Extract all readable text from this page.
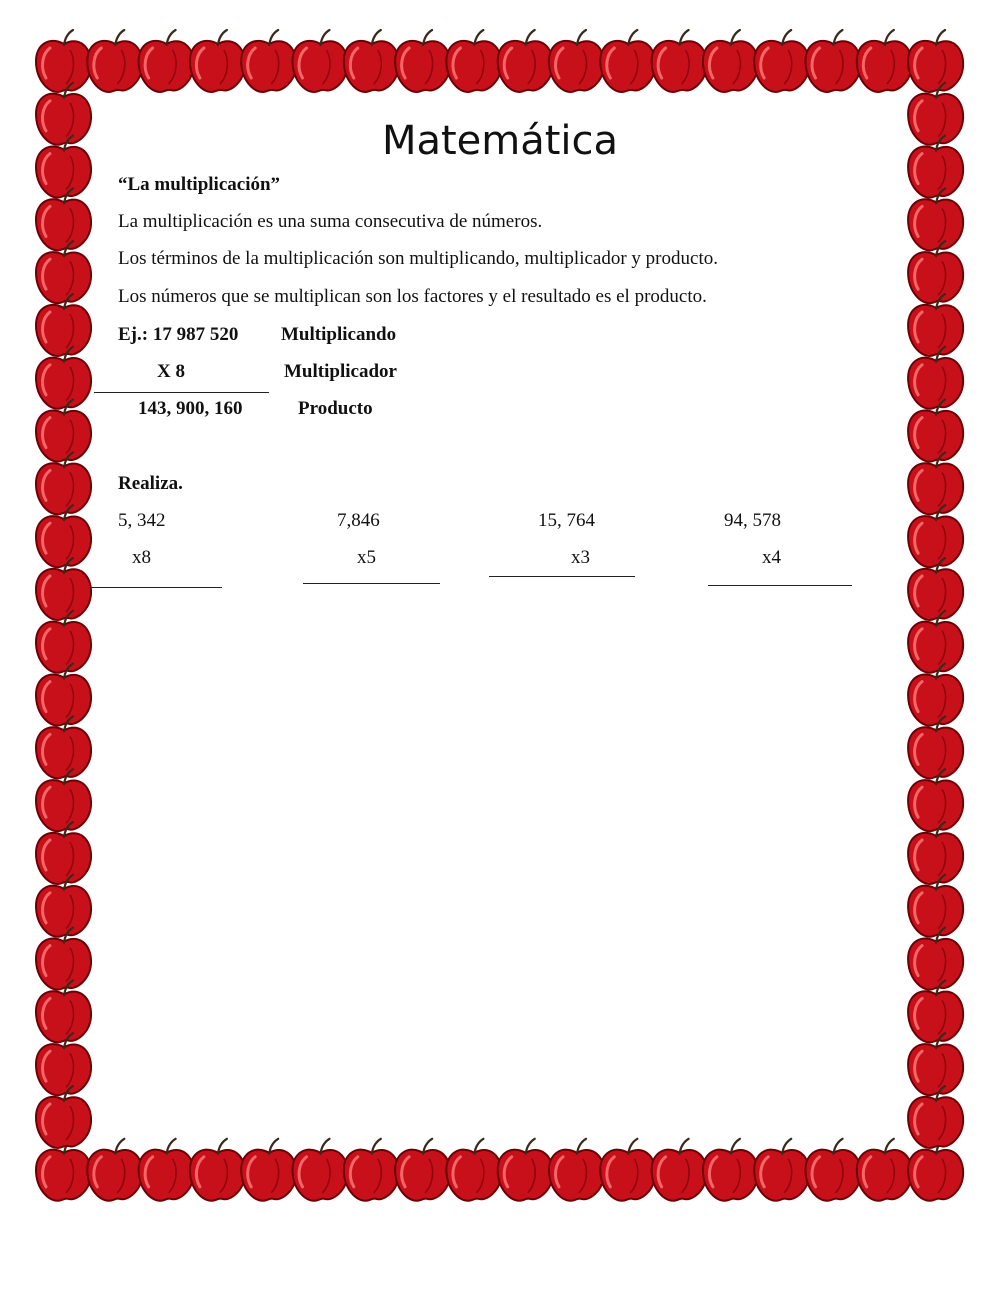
Matemática
“La multiplicación”
La multiplicación es una suma consecutiva de números.
Los términos de la multiplicación son multiplicando, multiplicador y producto.
Los números que se multiplican son los factores y el resultado es el producto.
Ej.: 17 987 520 Multiplicando
X 8	Multiplicador
143, 900, 160	Producto
Realiza.
5, 342
x8
7,846
x5
15, 764
x3
94, 578
x4
